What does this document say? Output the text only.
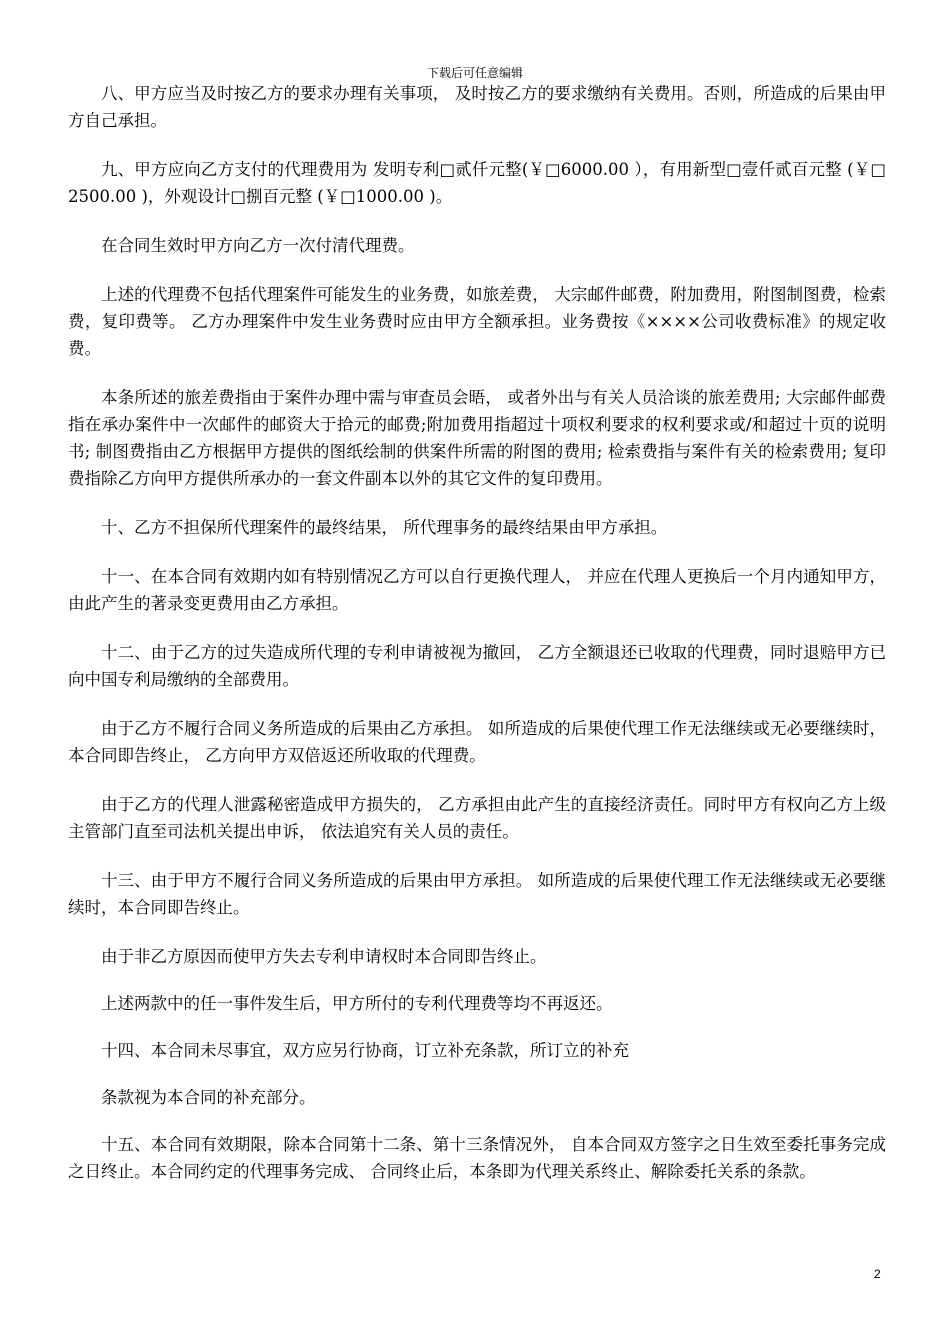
下载后可任意编辑

八、甲方应当及时按乙方的要求办理有关事项， 及时按乙方的要求缴纳有关费用。否则，所造成的后果由甲方自己承担。

九、甲方应向乙方支付的代理费用为 发明专利□贰仟元整(￥□6000.00 ），有用新型□壹仟贰百元整 (￥□2500.00 )，外观设计□捌百元整 (￥□1000.00 )。

在合同生效时甲方向乙方一次付清代理费。

上述的代理费不包括代理案件可能发生的业务费，如旅差费， 大宗邮件邮费，附加费用，附图制图费，检索费，复印费等。 乙方办理案件中发生业务费时应由甲方全额承担。业务费按《××××公司收费标准》的规定收费。

本条所述的旅差费指由于案件办理中需与审查员会晤， 或者外出与有关人员洽谈的旅差费用; 大宗邮件邮费指在承办案件中一次邮件的邮资大于拾元的邮费;附加费用指超过十项权利要求的权利要求或/和超过十页的说明书; 制图费指由乙方根据甲方提供的图纸绘制的供案件所需的附图的费用; 检索费指与案件有关的检索费用; 复印费指除乙方向甲方提供所承办的一套文件副本以外的其它文件的复印费用。

十、乙方不担保所代理案件的最终结果， 所代理事务的最终结果由甲方承担。

十一、在本合同有效期内如有特别情况乙方可以自行更换代理人， 并应在代理人更换后一个月内通知甲方，由此产生的著录变更费用由乙方承担。

十二、由于乙方的过失造成所代理的专利申请被视为撤回， 乙方全额退还已收取的代理费，同时退赔甲方已向中国专利局缴纳的全部费用。

由于乙方不履行合同义务所造成的后果由乙方承担。 如所造成的后果使代理工作无法继续或无必要继续时，本合同即告终止， 乙方向甲方双倍返还所收取的代理费。

由于乙方的代理人泄露秘密造成甲方损失的， 乙方承担由此产生的直接经济责任。同时甲方有权向乙方上级主管部门直至司法机关提出申诉， 依法追究有关人员的责任。

十三、由于甲方不履行合同义务所造成的后果由甲方承担。 如所造成的后果使代理工作无法继续或无必要继续时，本合同即告终止。

由于非乙方原因而使甲方失去专利申请权时本合同即告终止。

上述两款中的任一事件发生后，甲方所付的专利代理费等均不再返还。

十四、本合同未尽事宜，双方应另行协商，订立补充条款，所订立的补充

条款视为本合同的补充部分。

十五、本合同有效期限，除本合同第十二条、第十三条情况外， 自本合同双方签字之日生效至委托事务完成之日终止。本合同约定的代理事务完成、 合同终止后，本条即为代理关系终止、解除委托关系的条款。

2
